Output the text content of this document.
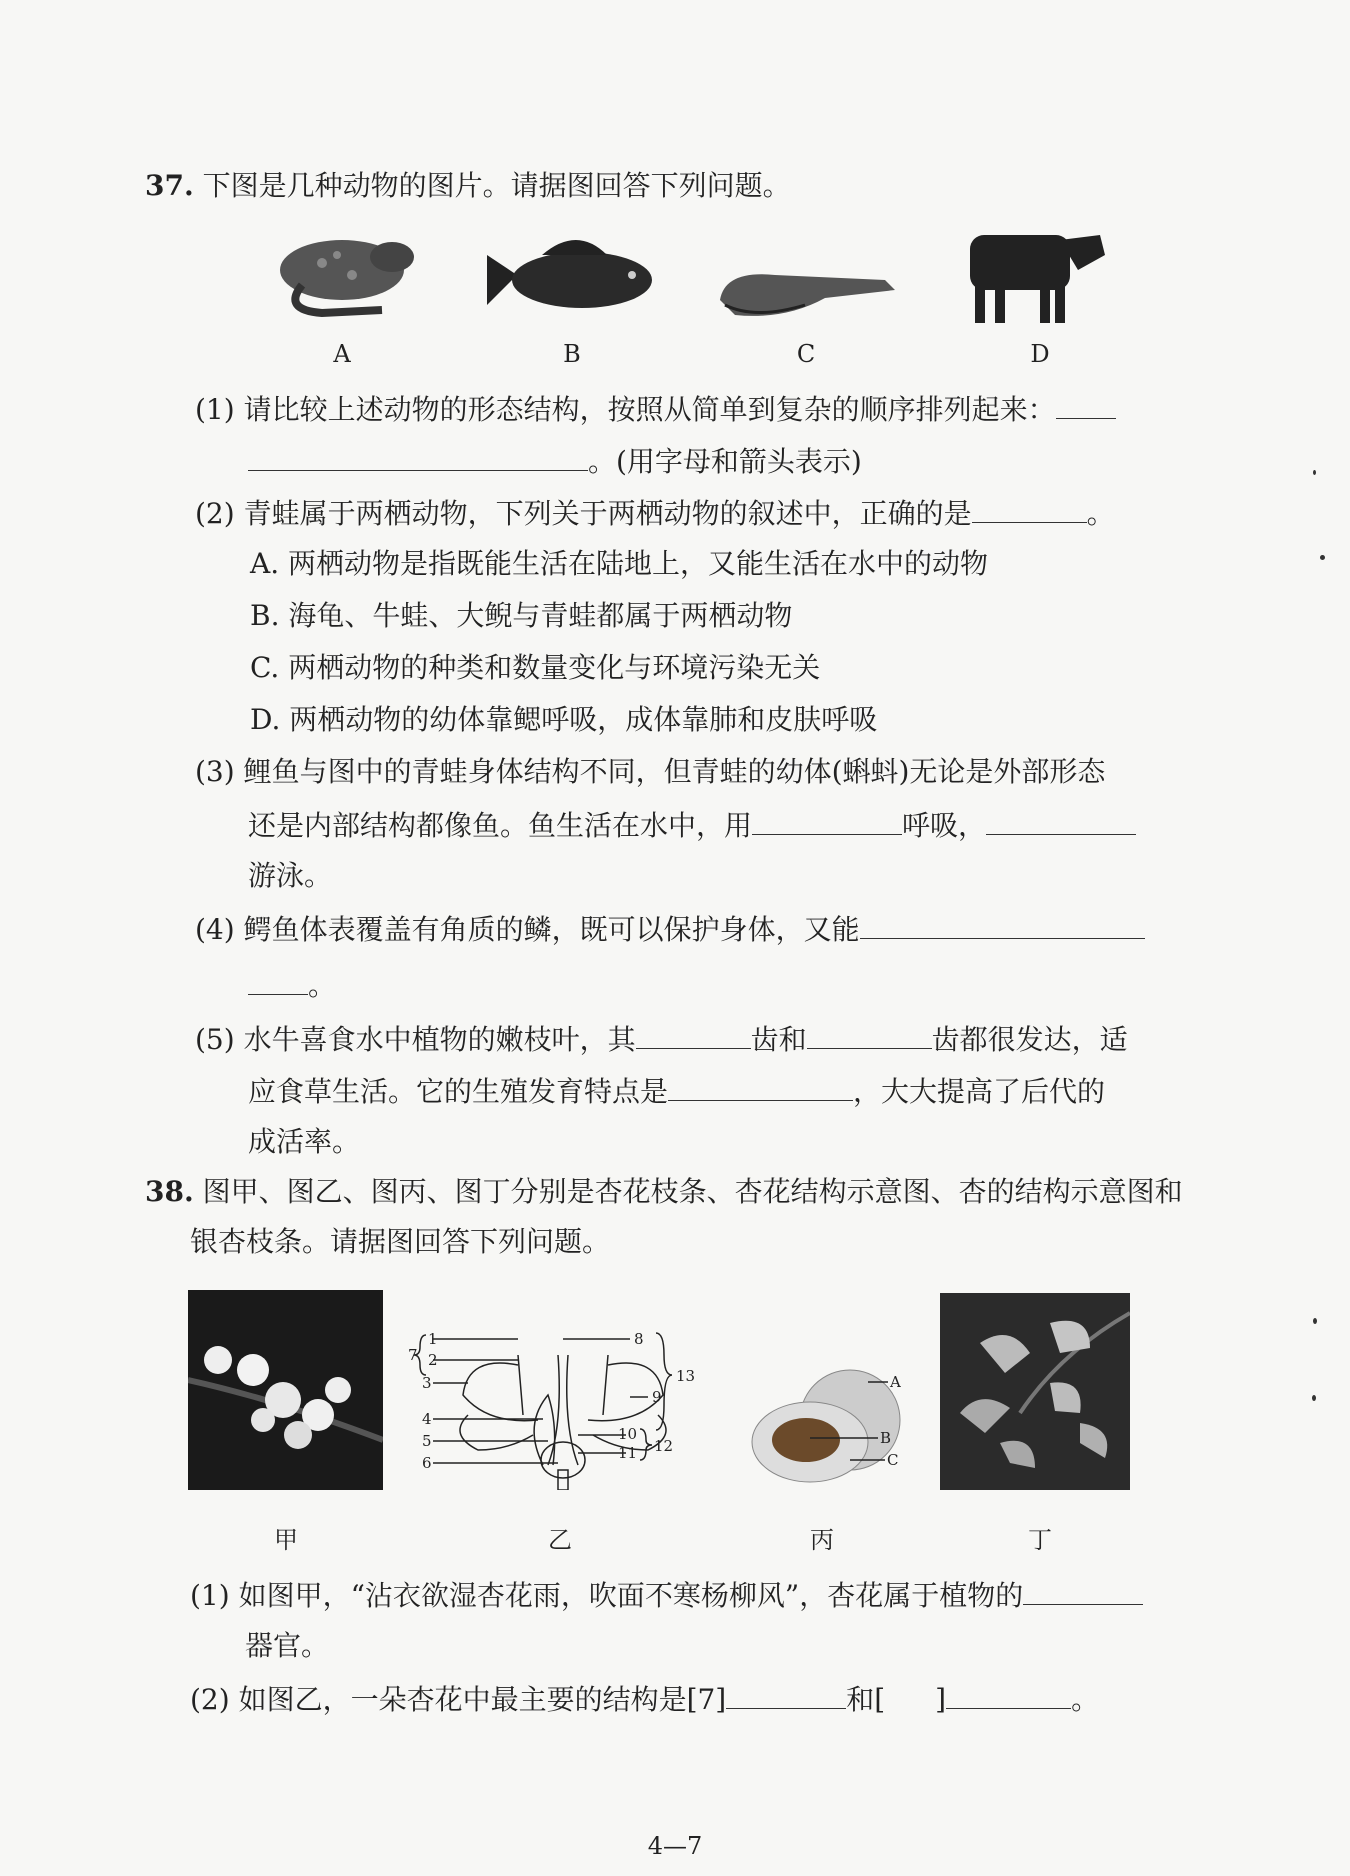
37. 下图是几种动物的图片。请据图回答下列问题。
A	B	C	D
(1) 请比较上述动物的形态结构，按照从简单到复杂的顺序排列起来：
。(用字母和箭头表示)
(2) 青蛙属于两栖动物，下列关于两栖动物的叙述中，正确的是	。
A. 两栖动物是指既能生活在陆地上，又能生活在水中的动物
B. 海龟、牛蛙、大鲵与青蛙都属于两栖动物
C. 两栖动物的种类和数量变化与环境污染无关
D. 两栖动物的幼体靠鳃呼吸，成体靠肺和皮肤呼吸
(3) 鲤鱼与图中的青蛙身体结构不同，但青蛙的幼体(蝌蚪)无论是外部形态
还是内部结构都像鱼。鱼生活在水中，用	呼吸，
游泳。
(4) 鳄鱼体表覆盖有角质的鳞，既可以保护身体，又能
。
(5) 水牛喜食水中植物的嫩枝叶，其	齿和	齿都很发达，适
应食草生活。它的生殖发育特点是	，大大提高了后代的
成活率。
38. 图甲、图乙、图丙、图丁分别是杏花枝条、杏花结构示意图、杏的结构示意图和
银杏枝条。请据图回答下列问题。
1
2
3
4
5
6
7
8
9
10
11 12
13	A
B
C
甲	乙	丙	丁
(1) 如图甲，“沾衣欲湿杏花雨，吹面不寒杨柳风”，杏花属于植物的
器官。
(2) 如图乙，一朵杏花中最主要的结构是[7]	和[ ]	。
4—7
